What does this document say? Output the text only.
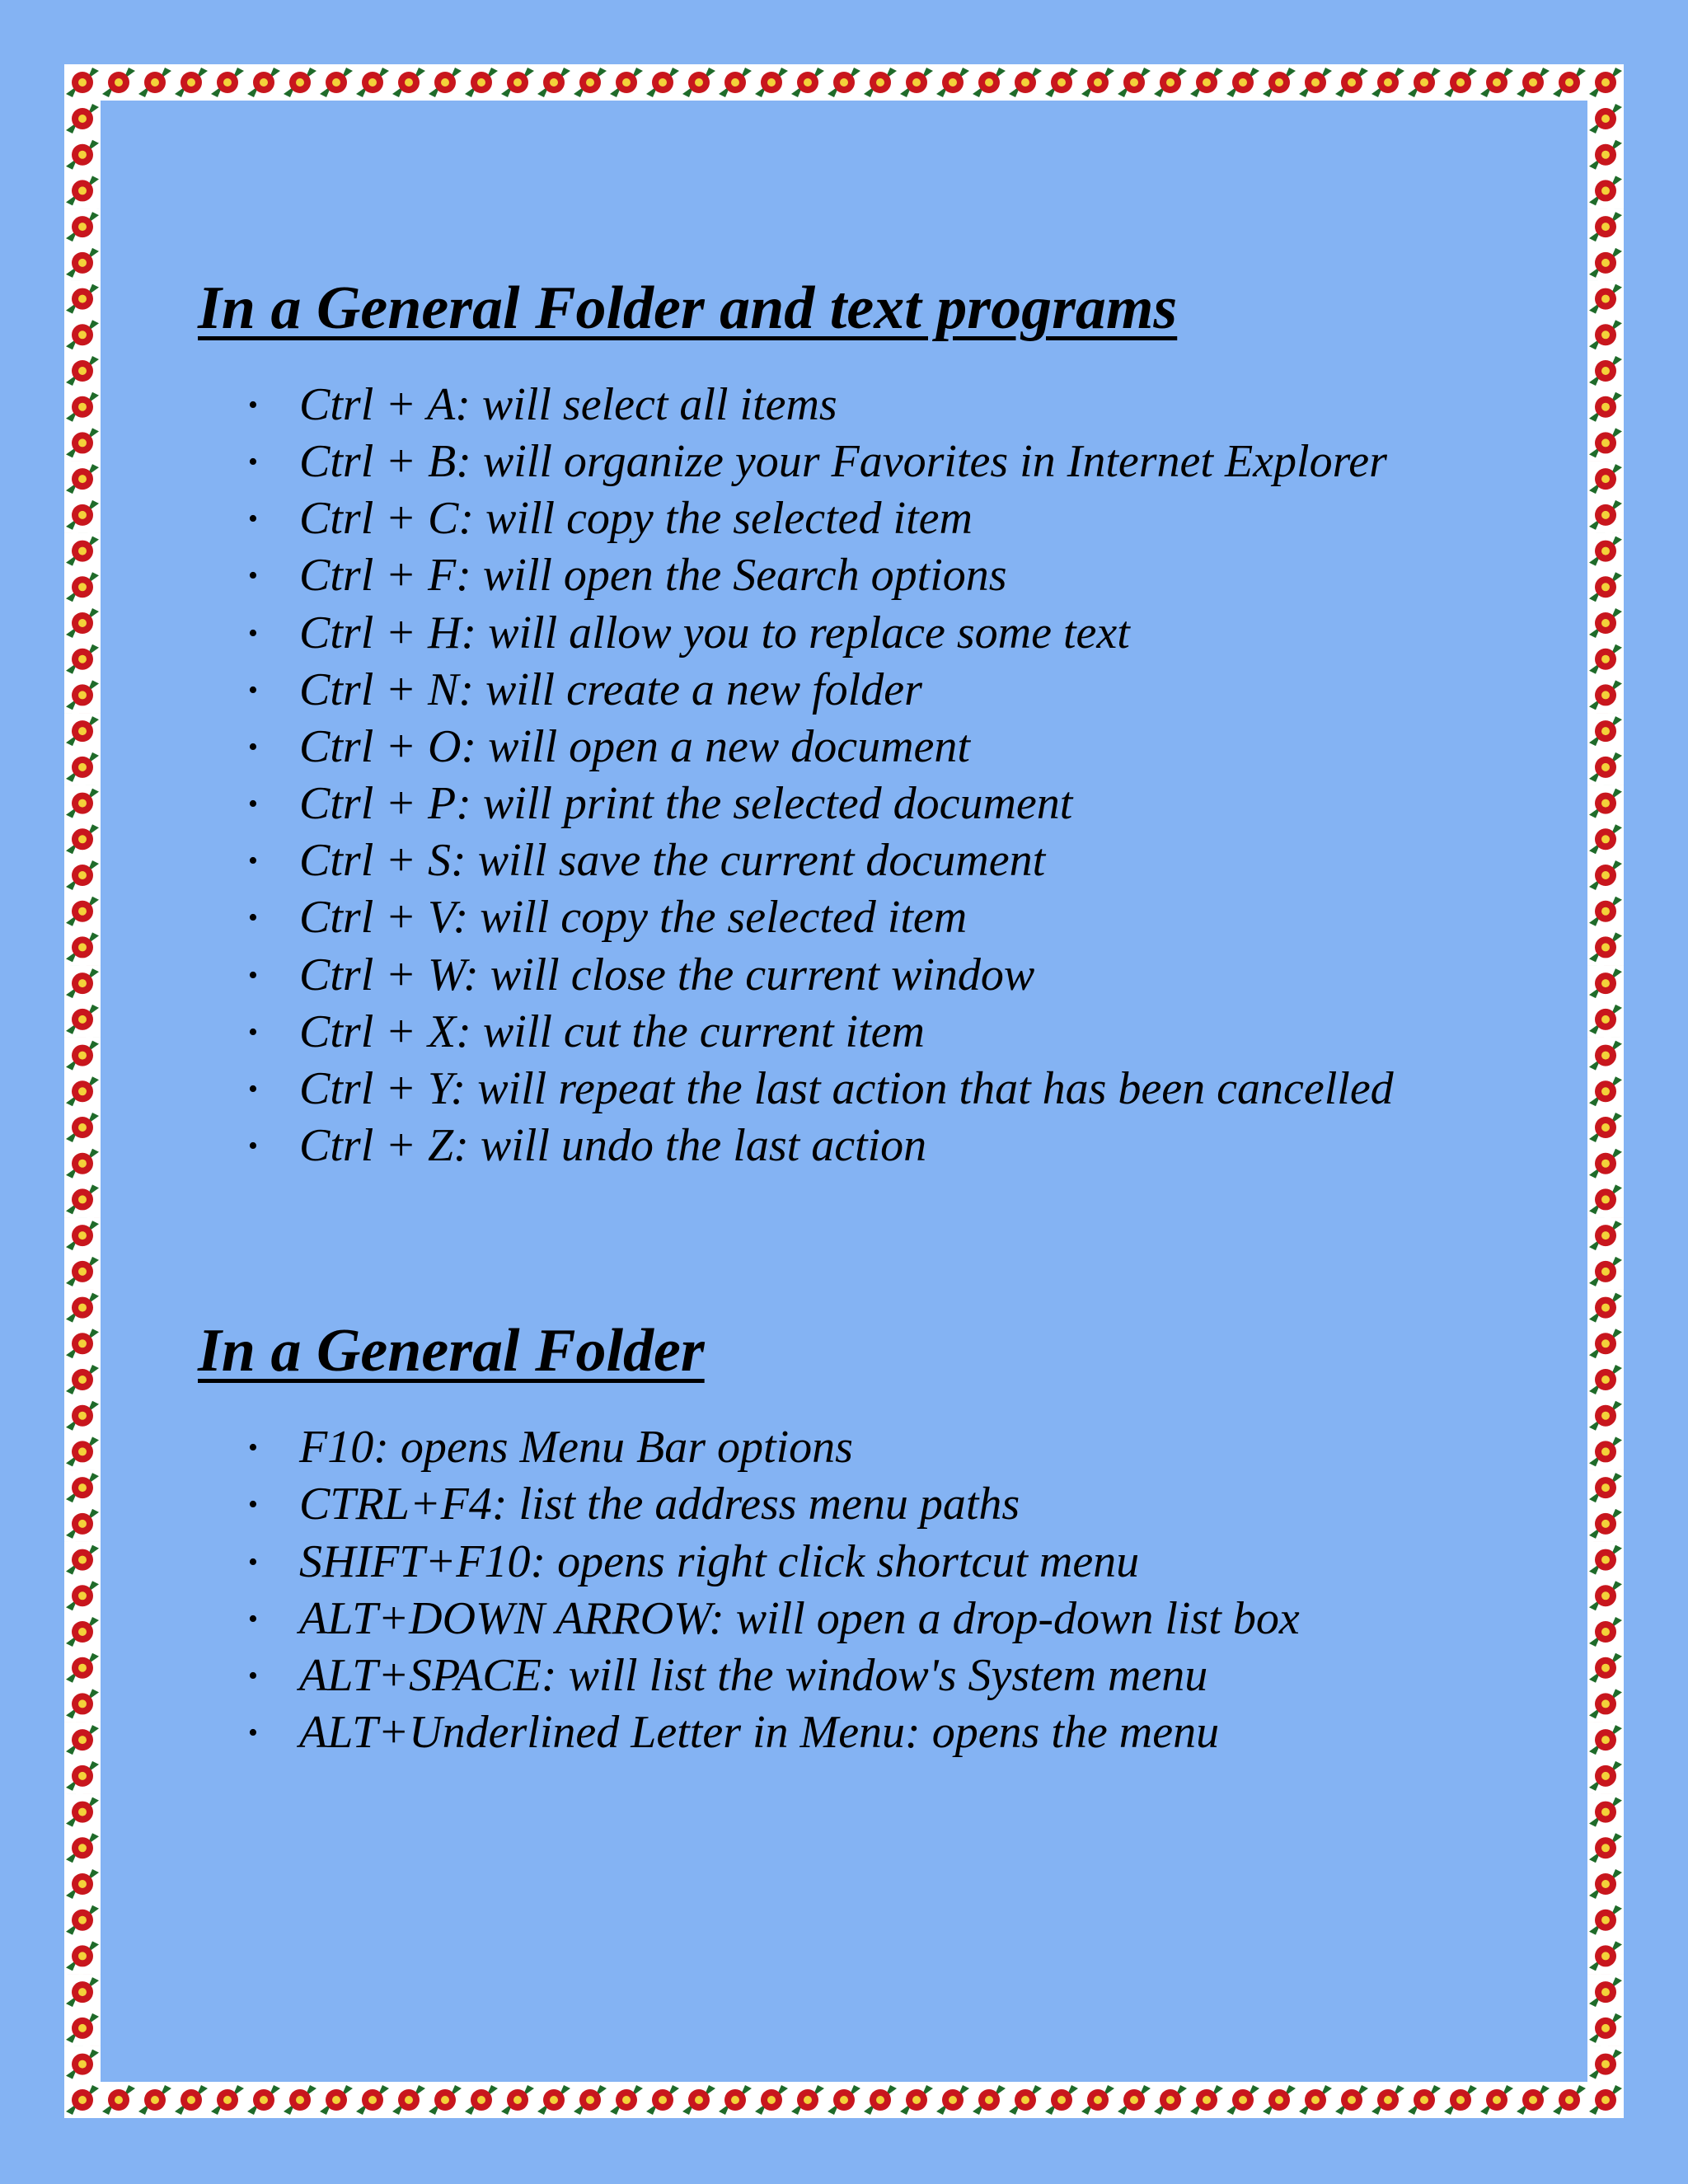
In a General Folder and text programs
• Ctrl + A: will select all items
• Ctrl + B: will organize your Favorites in Internet Explorer
• Ctrl + C: will copy the selected item
• Ctrl + F: will open the Search options
• Ctrl + H: will allow you to replace some text
• Ctrl + N: will create a new folder
• Ctrl + O: will open a new document
• Ctrl + P: will print the selected document
• Ctrl + S: will save the current document
• Ctrl + V: will copy the selected item
• Ctrl + W: will close the current window
• Ctrl + X: will cut the current item
• Ctrl + Y: will repeat the last action that has been cancelled
• Ctrl + Z: will undo the last action
In a General Folder
• F10: opens Menu Bar options
• CTRL+F4: list the address menu paths
• SHIFT+F10: opens right click shortcut menu
• ALT+DOWN ARROW: will open a drop-down list box
• ALT+SPACE: will list the window's System menu
• ALT+Underlined Letter in Menu: opens the menu
